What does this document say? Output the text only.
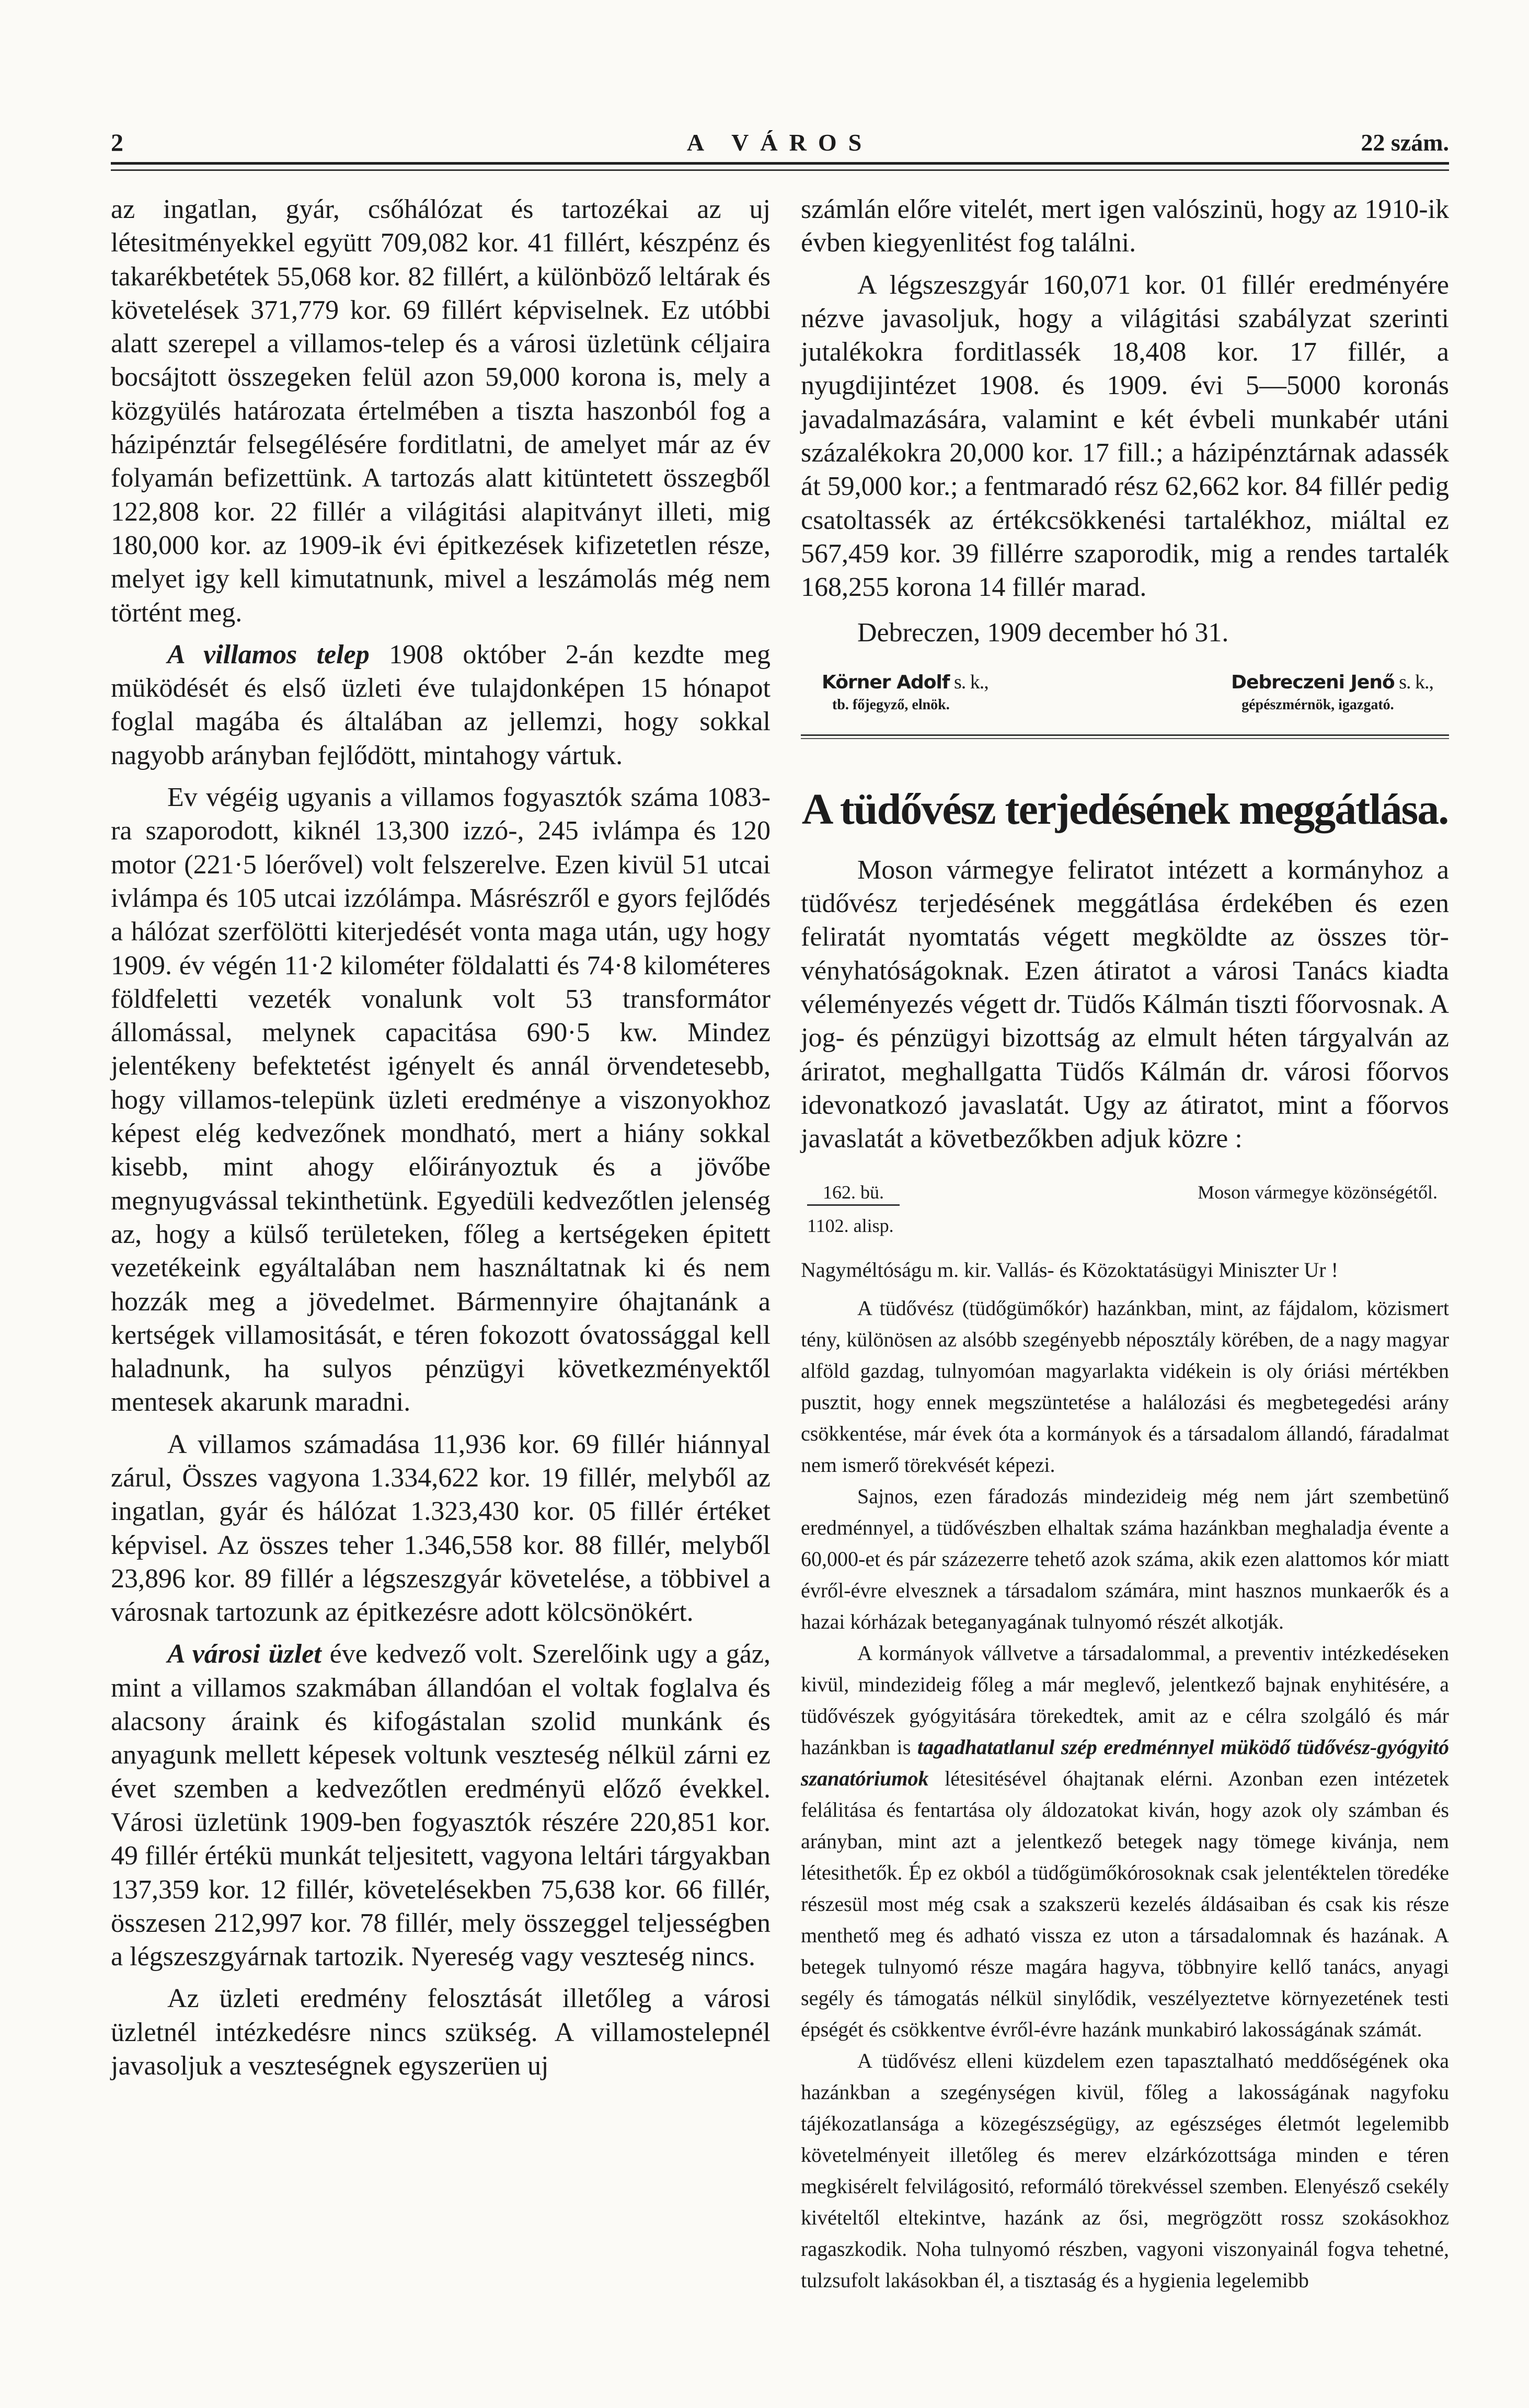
2	A VÁROS	22 szám.

az ingatlan, gyár, csőhálózat és tartozékai az uj létesitményekkel együtt 709,082 kor. 41 fillért, készpénz és takarékbetétek 55,068 kor. 82 fillért, a különböző leltárak és követelések 371,779 kor. 69 fillért képviselnek. Ez utóbbi alatt szerepel a villamos-telep és a városi üzletünk céljaira bocsájtott összegeken felül azon 59,000 korona is, mely a közgyülés határozata értelmében a tiszta haszonból fog a házipénztár felsegélésére forditlatni, de amelyet már az év folyamán befizettünk. A tartozás alatt kitüntetett összegből 122,808 kor. 22 fillér a világitási alapitványt illeti, mig 180,000 kor. az 1909-ik évi épitkezések kifizetetlen része, melyet igy kell kimutatnunk, mivel a leszámolás még nem történt meg.

A villamos telep 1908 október 2-án kezdte meg müködését és első üzleti éve tulajdonképen 15 hónapot foglal magába és általában az jellemzi, hogy sokkal nagyobb arányban fejlődött, mintahogy vártuk.

Ev végéig ugyanis a villamos fogyasztók száma 1083-ra szaporodott, kiknél 13,300 izzó-, 245 ivlámpa és 120 motor (221·5 lóerővel) volt felszerelve. Ezen kivül 51 utcai ivlámpa és 105 utcai izzólámpa. Másrészről e gyors fejlődés a hálózat szerfölötti kiterjedését vonta maga után, ugy hogy 1909. év végén 11·2 kilométer földalatti és 74·8 kilométeres földfeletti vezeték vonalunk volt 53 transformátor állomással, melynek capacitása 690·5 kw. Mindez jelentékeny befektetést igényelt és annál örvendetesebb, hogy villamos-telepünk üzleti eredménye a viszonyokhoz képest elég kedvezőnek mondható, mert a hiány sokkal kisebb, mint ahogy előirányoztuk és a jövőbe megnyugvással tekinthetünk. Egyedüli kedvezőtlen jelenség az, hogy a külső területeken, főleg a kertségeken épitett vezetékeink egyáltalában nem használtatnak ki és nem hozzák meg a jövedelmet. Bármennyire óhajtanánk a kertségek villamositását, e téren fokozott óvatossággal kell haladnunk, ha sulyos pénzügyi következményektől mentesek akarunk maradni.

A villamos számadása 11,936 kor. 69 fillér hiánnyal zárul, Összes vagyona 1.334,622 kor. 19 fillér, melyből az ingatlan, gyár és hálózat 1.323,430 kor. 05 fillér értéket képvisel. Az összes teher 1.346,558 kor. 88 fillér, melyből 23,896 kor. 89 fillér a légszeszgyár követelése, a többivel a városnak tartozunk az épitkezésre adott kölcsönökért.

A városi üzlet éve kedvező volt. Szerelőink ugy a gáz, mint a villamos szakmában állandóan el voltak foglalva és alacsony áraink és kifogástalan szolid munkánk és anyagunk mellett képesek voltunk veszteség nélkül zárni ez évet szemben a kedvezőtlen eredményü előző évekkel. Városi üzletünk 1909-ben fogyasztók részére 220,851 kor. 49 fillér értékü munkát teljesitett, vagyona leltári tárgyakban 137,359 kor. 12 fillér, követelésekben 75,638 kor. 66 fillér, összesen 212,997 kor. 78 fillér, mely összeggel teljességben a légszeszgyárnak tartozik. Nyereség vagy veszteség nincs.

Az üzleti eredmény felosztását illetőleg a városi üzletnél intézkedésre nincs szükség. A villamostelepnél javasoljuk a veszteségnek egyszerüen uj

számlán előre vitelét, mert igen valószinü, hogy az 1910-ik évben kiegyenlitést fog találni.

A légszeszgyár 160,071 kor. 01 fillér eredményére nézve javasoljuk, hogy a világitási szabályzat szerinti jutalékokra forditlassék 18,408 kor. 17 fillér, a nyugdijintézet 1908. és 1909. évi 5—5000 koronás javadalmazására, valamint e két évbeli munkabér utáni százalékokra 20,000 kor. 17 fill.; a házipénztárnak adassék át 59,000 kor.; a fentmaradó rész 62,662 kor. 84 fillér pedig csatoltassék az értékcsökkenési tartalékhoz, miáltal ez 567,459 kor. 39 fillérre szaporodik, mig a rendes tartalék 168,255 korona 14 fillér marad.

Debreczen, 1909 december hó 31.

Körner Adolf s. k.,
tb. főjegyző, elnök.
Debreczeni Jenő s. k.,
gépészmérnök, igazgató.
A tüdővész terjedésének meggátlása.

Moson vármegye feliratot intézett a kormányhoz a tüdővész terjedésének meggátlása érdekében és ezen feliratát nyomtatás végett megköldte az összes törvényhatóságoknak. Ezen átiratot a városi Tanács kiadta véleményezés végett dr. Tüdős Kálmán tiszti főorvosnak. A jog- és pénzügyi bizottság az elmult héten tárgyalván az áriratot, meghallgatta Tüdős Kálmán dr. városi főorvos idevonatkozó javaslatát. Ugy az átiratot, mint a főorvos javaslatát a követbezőkben adjuk közre :

162. bü.
1102. alisp.
Moson vármegye közönségétől.
Nagyméltóságu m. kir. Vallás- és Közoktatásügyi Miniszter Ur !

A tüdővész (tüdőgümőkór) hazánkban, mint, az fájdalom, közismert tény, különösen az alsóbb szegényebb néposztály körében, de a nagy magyar alföld gazdag, tulnyomóan magyarlakta vidékein is oly óriási mértékben pusztit, hogy ennek megszüntetése a halálozási és megbetegedési arány csökkentése, már évek óta a kormányok és a társadalom állandó, fáradalmat nem ismerő törekvését képezi.

Sajnos, ezen fáradozás mindezideig még nem járt szembetünő eredménnyel, a tüdővészben elhaltak száma hazánkban meghaladja évente a 60,000-et és pár százezerre tehető azok száma, akik ezen alattomos kór miatt évről-évre elvesznek a társadalom számára, mint hasznos munkaerők és a hazai kórházak beteganyagának tulnyomó részét alkotják.

A kormányok vállvetve a társadalommal, a preventiv intézkedéseken kivül, mindezideig főleg a már meglevő, jelentkező bajnak enyhitésére, a tüdővészek gyógyitására törekedtek, amit az e célra szolgáló és már hazánkban is tagadhatatlanul szép eredménnyel müködő tüdővész-gyógyitó szanatóriumok létesitésével óhajtanak elérni. Azonban ezen intézetek felálitása és fentartása oly áldozatokat kiván, hogy azok oly számban és arányban, mint azt a jelentkező betegek nagy tömege kivánja, nem létesithetők. Ép ez okból a tüdőgümőkórosoknak csak jelentéktelen töredéke részesül most még csak a szakszerü kezelés áldásaiban és csak kis része menthető meg és adható vissza ez uton a társadalomnak és hazának. A betegek tulnyomó része magára hagyva, többnyire kellő tanács, anyagi segély és támogatás nélkül sinylődik, veszélyeztetve környezetének testi épségét és csökkentve évről-évre hazánk munkabiró lakosságának számát.

A tüdővész elleni küzdelem ezen tapasztalható meddőségének oka hazánkban a szegénységen kivül, főleg a lakosságának nagyfoku tájékozatlansága a közegészségügy, az egészséges életmót legelemibb követelményeit illetőleg és merev elzárkózottsága minden e téren megkisérelt felvilágositó, reformáló törekvéssel szemben. Elenyésző csekély kivételtől eltekintve, hazánk az ősi, megrögzött rossz szokásokhoz ragaszkodik. Noha tulnyomó részben, vagyoni viszonyainál fogva tehetné, tulzsufolt lakásokban él, a tisztaság és a hygienia legelemibb
